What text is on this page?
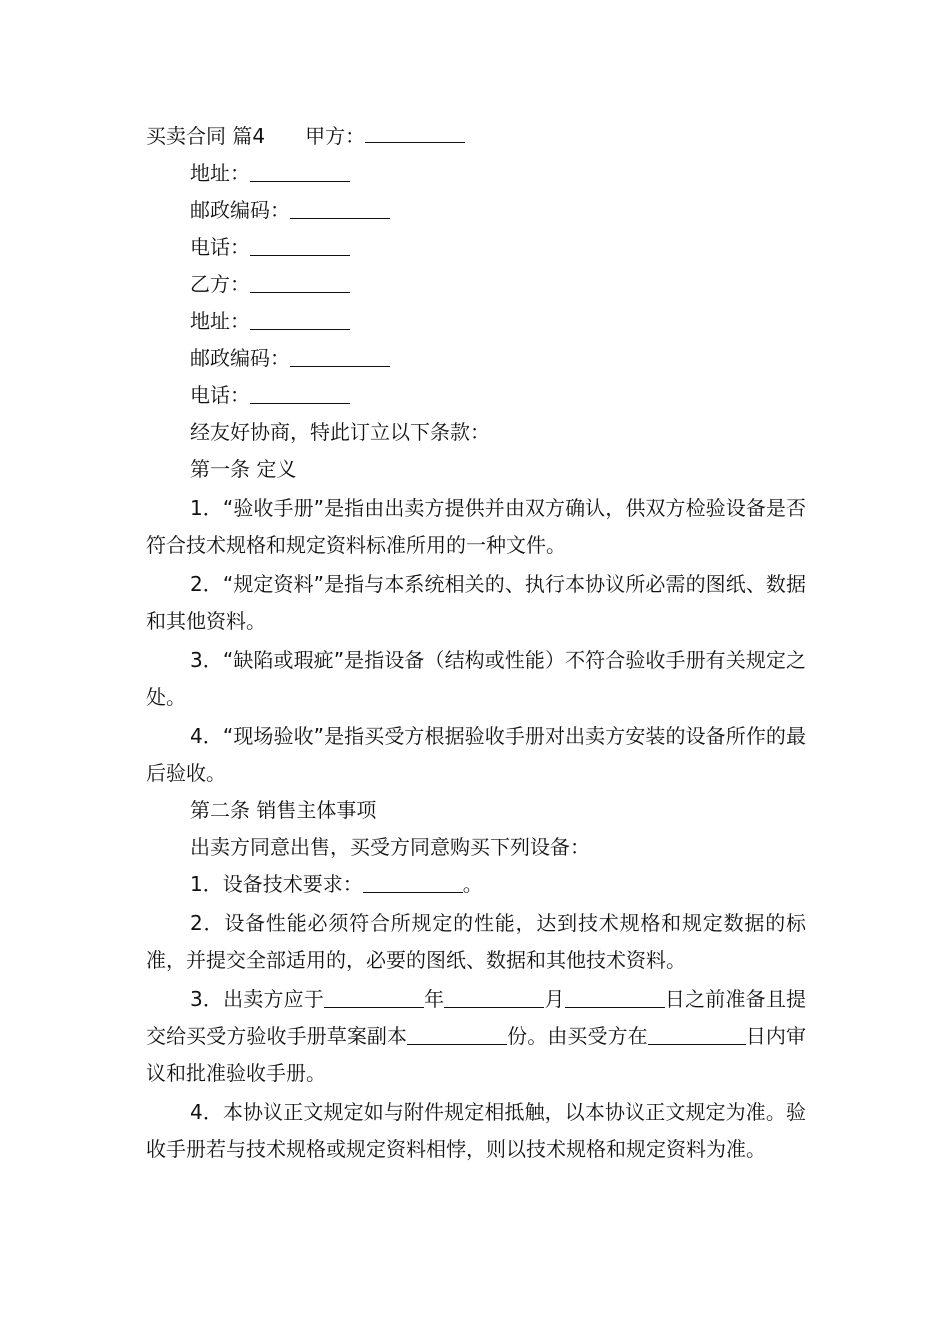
买卖合同 篇4 甲方：
地址：
邮政编码：
电话：
乙方：
地址：
邮政编码：
电话：
经友好协商，特此订立以下条款：
第一条 定义

1．“验收手册”是指由出卖方提供并由双方确认，供双方检验设备是否符合技术规格和规定资料标准所用的一种文件。

2．“规定资料”是指与本系统相关的、执行本协议所必需的图纸、数据和其他资料。

3．“缺陷或瑕疵”是指设备（结构或性能）不符合验收手册有关规定之处。

4．“现场验收”是指买受方根据验收手册对出卖方安装的设备所作的最后验收。

第二条 销售主体事项
出卖方同意出售，买受方同意购买下列设备：
1．设备技术要求：	。

2．设备性能必须符合所规定的性能，达到技术规格和规定数据的标准，并提交全部适用的，必要的图纸、数据和其他技术资料。

3．出卖方应于	年	月	日之前准备且提交给买受方验收手册草案副本	份。由买受方在	日内审议和批准验收手册。

4．本协议正文规定如与附件规定相抵触，以本协议正文规定为准。验收手册若与技术规格或规定资料相悖，则以技术规格和规定资料为准。
